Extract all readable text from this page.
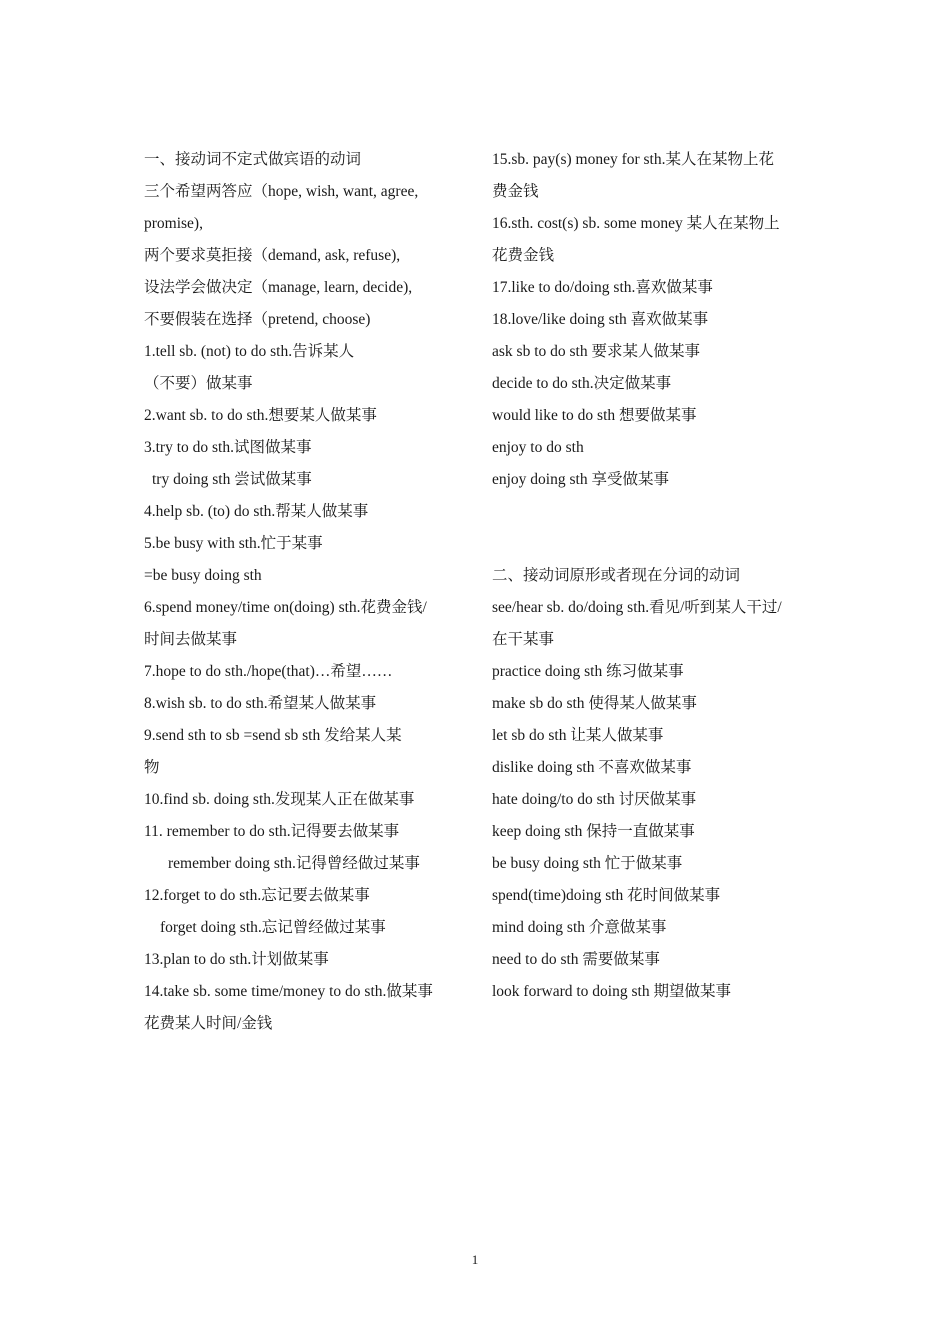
一、接动词不定式做宾语的动词
三个希望两答应（hope, wish, want, agree,
promise),
两个要求莫拒接（demand, ask, refuse),
设法学会做决定（manage, learn, decide),
不要假装在选择（pretend, choose)
1.tell sb. (not) to do sth.告诉某人
（不要）做某事
2.want sb. to do sth.想要某人做某事
3.try to do sth.试图做某事
try doing sth 尝试做某事
4.help sb. (to) do sth.帮某人做某事
5.be busy with sth.忙于某事
=be busy doing sth
6.spend money/time on(doing) sth.花费金钱/
时间去做某事
7.hope to do sth./hope(that)…希望……
8.wish sb. to do sth.希望某人做某事
9.send sth to sb =send sb sth 发给某人某
物
10.find sb. doing sth.发现某人正在做某事
11. remember to do sth.记得要去做某事
remember doing sth.记得曾经做过某事
12.forget to do sth.忘记要去做某事
forget doing sth.忘记曾经做过某事
13.plan to do sth.计划做某事
14.take sb. some time/money to do sth.做某事
花费某人时间/金钱
15.sb. pay(s) money for sth.某人在某物上花
费金钱
16.sth. cost(s) sb. some money 某人在某物上
花费金钱
17.like to do/doing sth.喜欢做某事
18.love/like doing sth 喜欢做某事
ask sb to do sth 要求某人做某事
decide to do sth.决定做某事
would like to do sth 想要做某事
enjoy to do sth
enjoy doing sth 享受做某事
二、接动词原形或者现在分词的动词
see/hear sb. do/doing sth.看见/听到某人干过/
在干某事
practice doing sth 练习做某事
make sb do sth 使得某人做某事
let sb do sth 让某人做某事
dislike doing sth 不喜欢做某事
hate doing/to do sth 讨厌做某事
keep doing sth 保持一直做某事
be busy doing sth 忙于做某事
spend(time)doing sth 花时间做某事
mind doing sth 介意做某事
need to do sth 需要做某事
look forward to doing sth 期望做某事
1
